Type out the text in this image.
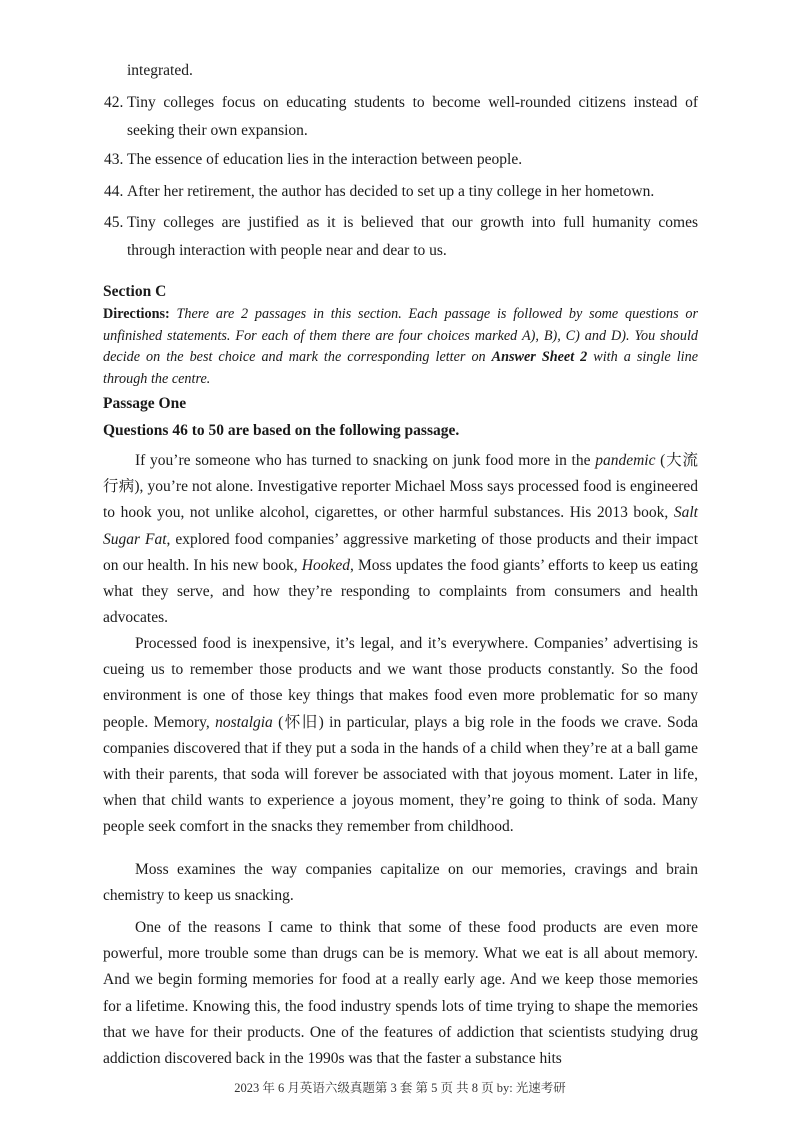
integrated.
42. Tiny colleges focus on educating students to become well-rounded citizens instead of seeking their own expansion.
43. The essence of education lies in the interaction between people.
44. After her retirement, the author has decided to set up a tiny college in her hometown.
45. Tiny colleges are justified as it is believed that our growth into full humanity comes through interaction with people near and dear to us.
Section C
Directions: There are 2 passages in this section. Each passage is followed by some questions or unfinished statements. For each of them there are four choices marked A), B), C) and D). You should decide on the best choice and mark the corresponding letter on Answer Sheet 2 with a single line through the centre.
Passage One
Questions 46 to 50 are based on the following passage.

If you’re someone who has turned to snacking on junk food more in the pandemic (大流行病), you’re not alone. Investigative reporter Michael Moss says processed food is engineered to hook you, not unlike alcohol, cigarettes, or other harmful substances. His 2013 book, Salt Sugar Fat, explored food companies’ aggressive marketing of those products and their impact on our health. In his new book, Hooked, Moss updates the food giants’ efforts to keep us eating what they serve, and how they’re responding to complaints from consumers and health advocates.

Processed food is inexpensive, it’s legal, and it’s everywhere. Companies’ advertising is cueing us to remember those products and we want those products constantly. So the food environment is one of those key things that makes food even more problematic for so many people. Memory, nostalgia (怀旧) in particular, plays a big role in the foods we crave. Soda companies discovered that if they put a soda in the hands of a child when they’re at a ball game with their parents, that soda will forever be associated with that joyous moment. Later in life, when that child wants to experience a joyous moment, they’re going to think of soda. Many people seek comfort in the snacks they remember from childhood.

Moss examines the way companies capitalize on our memories, cravings and brain chemistry to keep us snacking.

One of the reasons I came to think that some of these food products are even more powerful, more trouble some than drugs can be is memory. What we eat is all about memory. And we begin forming memories for food at a really early age. And we keep those memories for a lifetime. Knowing this, the food industry spends lots of time trying to shape the memories that we have for their products. One of the features of addiction that scientists studying drug addiction discovered back in the 1990s was that the faster a substance hits

2023 年 6 月英语六级真题第 3 套 第 5 页 共 8 页 by: 光速考研
